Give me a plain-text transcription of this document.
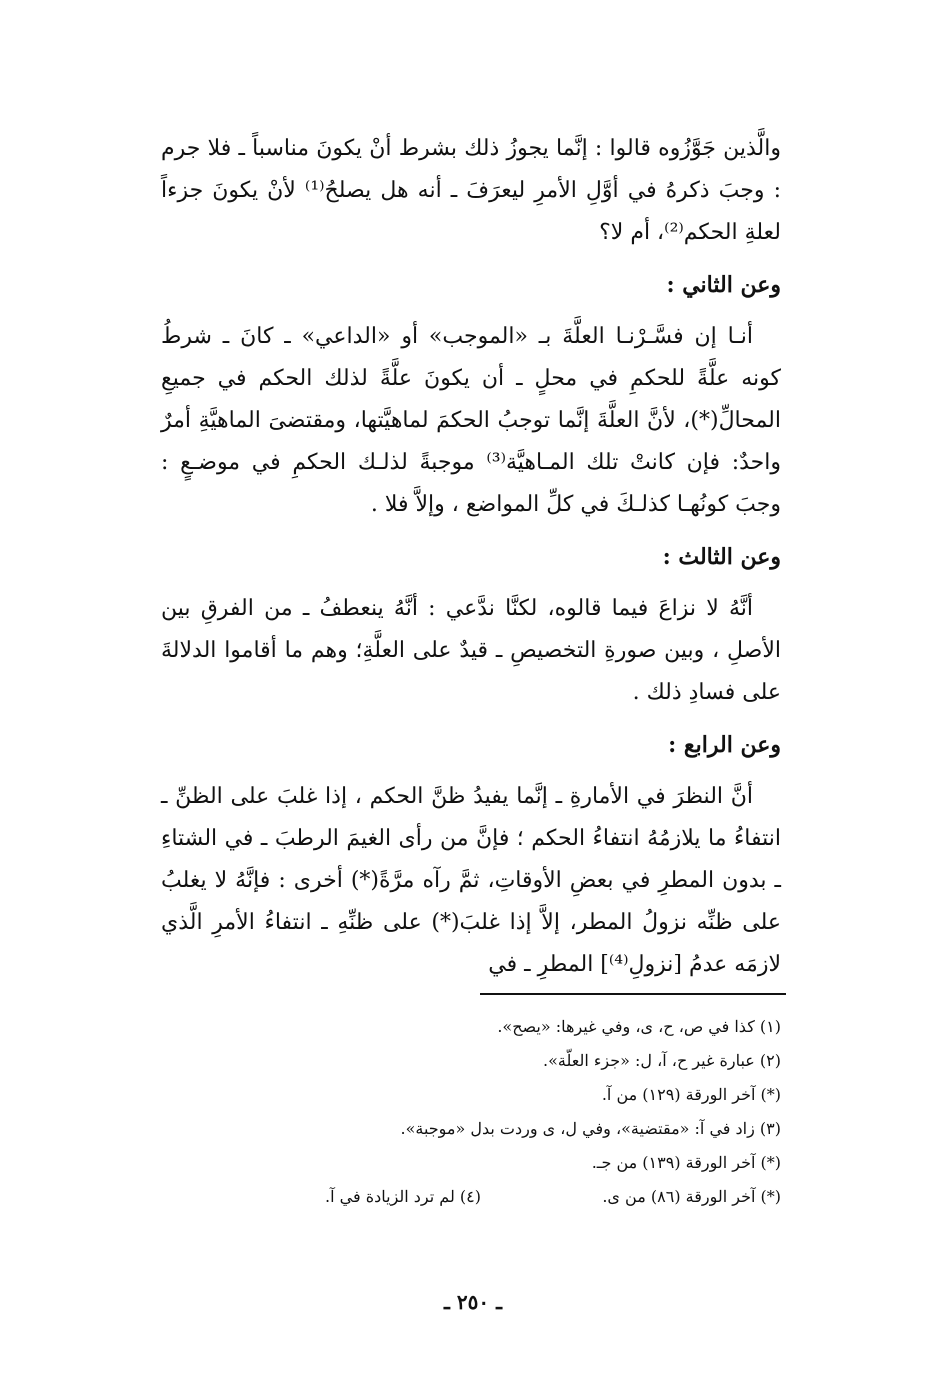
والَّذين جَوَّزُوه قالوا : إنَّما يجوزُ ذلك بشرط أنْ يكونَ مناسباً ـ فلا جرم : وجبَ ذكرهُ في أوَّلِ الأمرِ ليعرَفَ ـ أنه هل يصلحُ⁽¹⁾ لأنْ يكونَ جزءاً لعلةِ الحكم⁽²⁾، أم لا؟

وعن الثاني :

أنـا إن فسَّـرْنـا العلَّةَ بـ «الموجب» أو «الداعي» ـ كانَ ـ شرطُ كونه علَّةً للحكمِ في محلٍ ـ أن يكونَ علَّةً لذلك الحكم في جميعِ المحالِّ(*)، لأنَّ العلَّةَ إنَّما توجبُ الحكمَ لماهيَّتها، ومقتضىَ الماهيَّةِ أمرٌ واحدٌ: فإن كانتْ تلك المـاهيَّة⁽³⁾ موجبةً لذلـك الحكمِ في موضـعٍ : وجبَ كونُهـا كذلـكَ في كلِّ المواضع ، وإلاَّ فلا .

وعن الثالث :

أنَّهُ لا نزاعَ فيما قالوه، لكنَّا ندَّعي : أنَّهُ ينعطفُ ـ من الفرقِ بين الأصلِ ، وبين صورةِ التخصيصِ ـ قيدٌ على العلَّةِ؛ وهم ما أقاموا الدلالةَ على فسادِ ذلك .

وعن الرابع :

أنَّ النظرَ في الأمارةِ ـ إنَّما يفيدُ ظنَّ الحكم ، إذا غلبَ على الظنِّ ـ انتفاءُ ما يلازمُهُ انتفاءُ الحكم ؛ فإنَّ من رأى الغيمَ الرطبَ ـ في الشتاءِ ـ بدون المطرِ في بعضِ الأوقاتِ، ثمَّ رآه مرَّةً(*) أخرى : فإنَّهُ لا يغلبُ على ظنِّه نزولُ المطر، إلاَّ إذا غلبَ(*) على ظنِّهِ ـ انتفاءُ الأمرِ الَّذي لازمَه عدمُ [نزولِ⁽⁴⁾] المطرِ ـ في

(١) كذا في ص، ح، ى، وفي غيرها: «يصح».

(٢) عبارة غير ح، آ، ل: «جزء العلّة».

(*) آخر الورقة (١٢٩) من آ.

(٣) زاد في آ: «مقتضية»، وفي ل، ى وردت بدل «موجبة».

(*) آخر الورقة (١٣٩) من جـ.

(*) آخر الورقة (٨٦) من ى.

(٤) لم ترد الزيادة في آ.

ـ ٢٥٠ ـ
